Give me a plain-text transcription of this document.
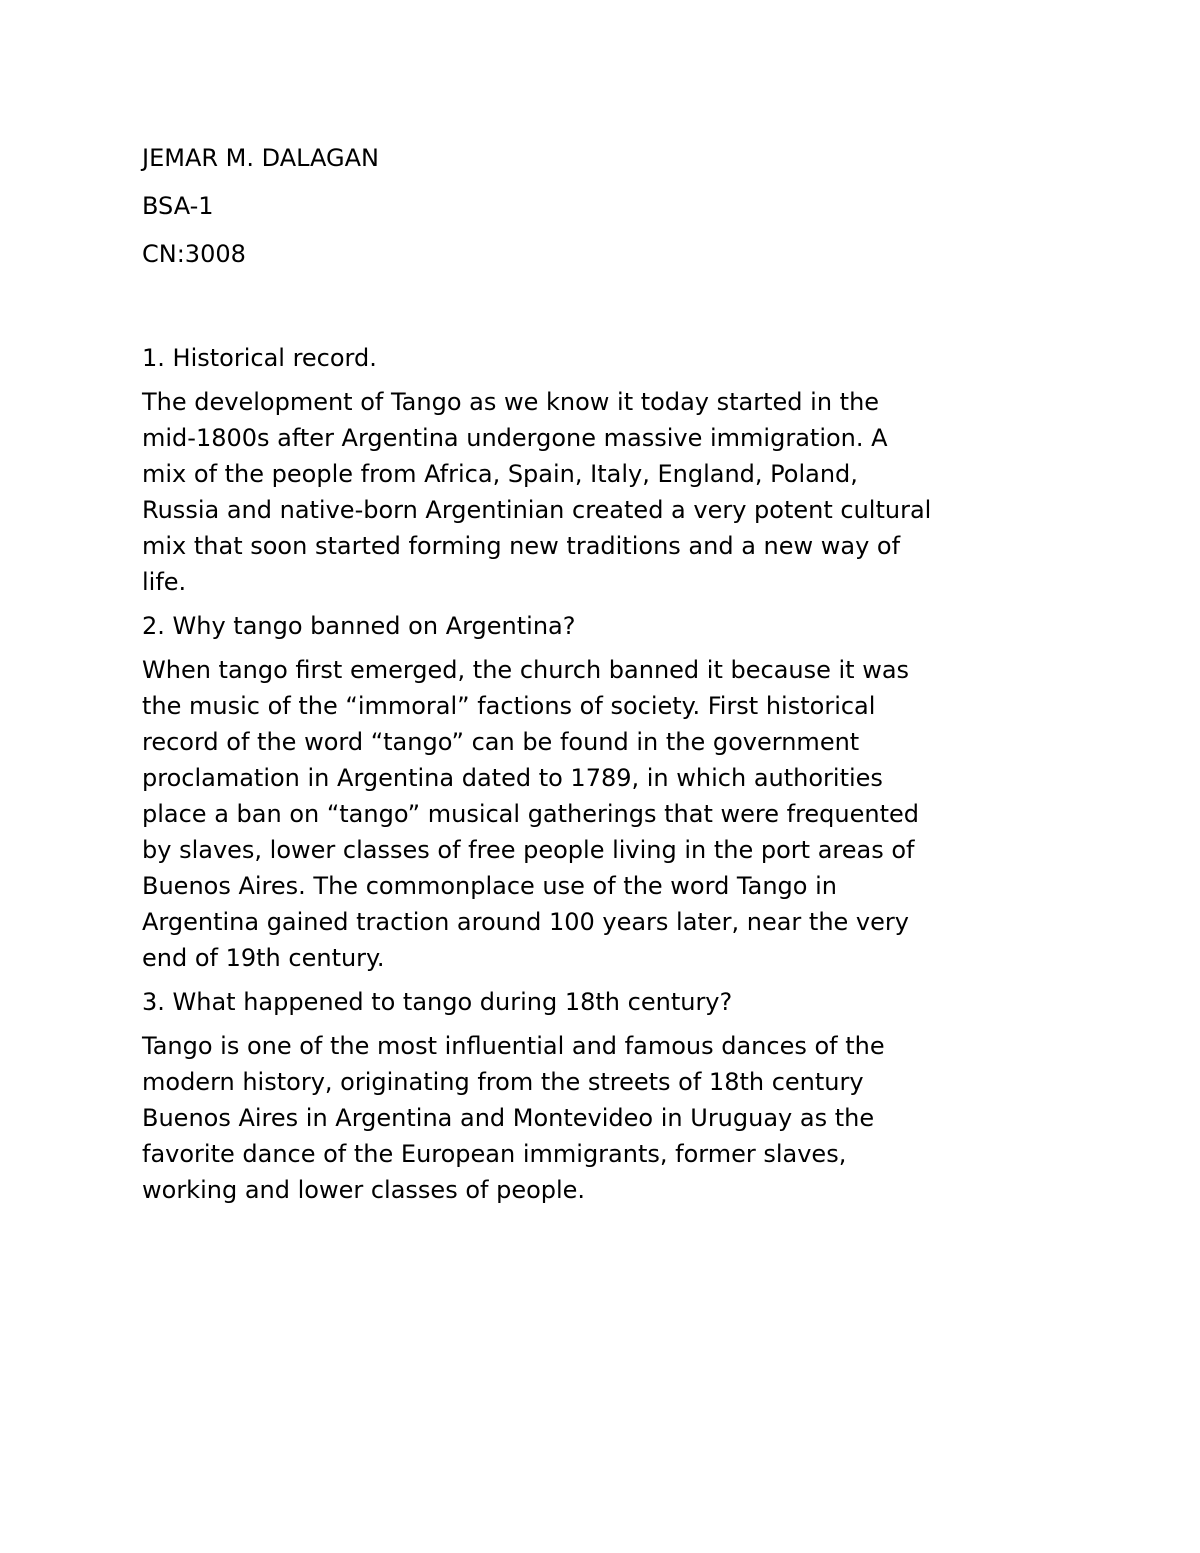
JEMAR M. DALAGAN
BSA-1
CN:3008
1. Historical record.
The development of Tango as we know it today started in the
mid-1800s after Argentina undergone massive immigration. A
mix of the people from Africa, Spain, Italy, England, Poland,
Russia and native-born Argentinian created a very potent cultural
mix that soon started forming new traditions and a new way of
life.
2. Why tango banned on Argentina?
When tango first emerged, the church banned it because it was
the music of the “immoral” factions of society. First historical
record of the word “tango” can be found in the government
proclamation in Argentina dated to 1789, in which authorities
place a ban on “tango” musical gatherings that were frequented
by slaves, lower classes of free people living in the port areas of
Buenos Aires. The commonplace use of the word Tango in
Argentina gained traction around 100 years later, near the very
end of 19th century.
3. What happened to tango during 18th century?
Tango is one of the most influential and famous dances of the
modern history, originating from the streets of 18th century
Buenos Aires in Argentina and Montevideo in Uruguay as the
favorite dance of the European immigrants, former slaves,
working and lower classes of people.
